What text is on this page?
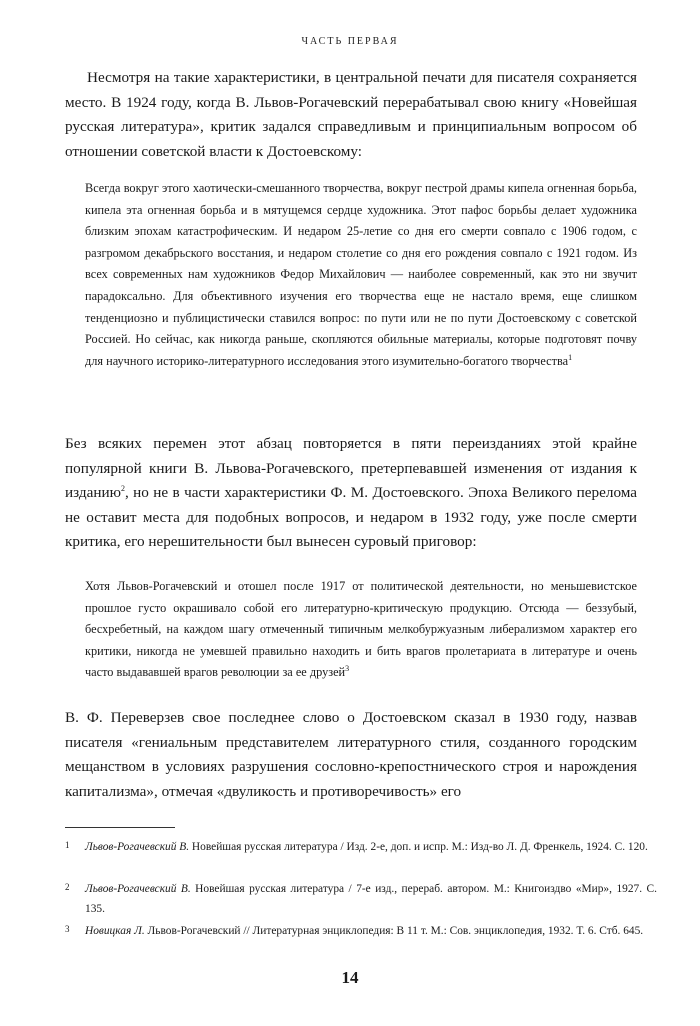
ЧАСТЬ ПЕРВАЯ

Несмотря на такие характеристики, в центральной печати для писателя сохраняется место. В 1924 году, когда В. Львов-Рогачевский перерабатывал свою книгу «Новейшая русская литература», критик задался справедливым и принципиальным вопросом об отношении советской власти к Достоевскому:

Всегда вокруг этого хаотически-смешанного творчества, вокруг пестрой драмы кипела огненная борьба, кипела эта огненная борьба и в мятущемся сердце художника. Этот пафос борьбы делает художника близким эпохам катастрофическим. И недаром 25-летие со дня его смерти совпало с 1906 годом, с разгромом декабрьского восстания, и недаром столетие со дня его рождения совпало с 1921 годом. Из всех современных нам художников Федор Михайлович — наиболее современный, как это ни звучит парадоксально. Для объективного изучения его творчества еще не настало время, еще слишком тенденциозно и публицистически ставился вопрос: по пути или не по пути Достоевскому с советской Россией. Но сейчас, как никогда раньше, скопляются обильные материалы, которые подготовят почву для научного историко-литературного исследования этого изумительно-богатого творчества$^1$

Без всяких перемен этот абзац повторяется в пяти переизданиях этой крайне популярной книги В. Львова-Рогачевского, претерпевавшей изменения от издания к изданию$^2$, но не в части характеристики Ф. М. Достоевского. Эпоха Великого перелома не оставит места для подобных вопросов, и недаром в 1932 году, уже после смерти критика, его нерешительности был вынесен суровый приговор:

Хотя Львов-Рогачевский и отошел после 1917 от политической деятельности, но меньшевистское прошлое густо окрашивало собой его литературно-критическую продукцию. Отсюда — беззубый, бесхребетный, на каждом шагу отмеченный типичным мелкобуржуазным либерализмом характер его критики, никогда не умевшей правильно находить и бить врагов пролетариата в литературе и очень часто выдававшей врагов революции за ее друзей$^3$

В. Ф. Переверзев свое последнее слово о Достоевском сказал в 1930 году, назвав писателя «гениальным представителем литературного стиля, созданного городским мещанством в условиях разрушения сословно-крепостнического строя и нарождения капитализма», отмечая «двуликость и противоречивость» его

1 Львов-Рогачевский В. Новейшая русская литература / Изд. 2-е, доп. и испр. М.: Изд-во Л. Д. Френкель, 1924. С. 120.
2 Львов-Рогачевский В. Новейшая русская литература / 7-е изд., перераб. автором. М.: Книгоиздво «Мир», 1927. С. 135.
3 Новицкая Л. Львов-Рогачевский // Литературная энциклопедия: В 11 т. М.: Сов. энциклопедия, 1932. Т. 6. Стб. 645.
14
